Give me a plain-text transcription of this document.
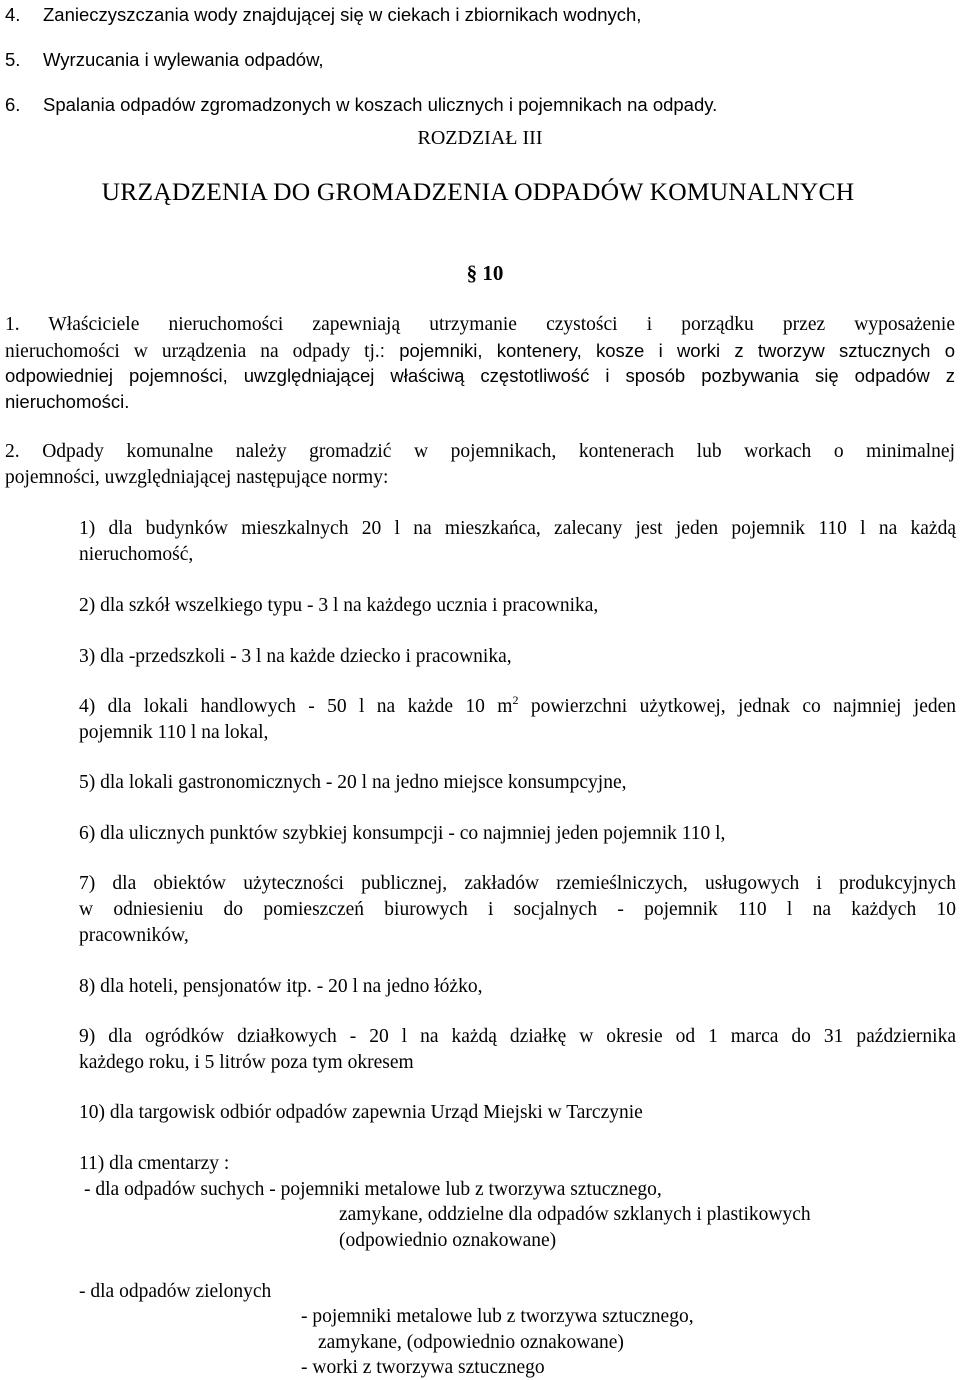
4. Zanieczyszczania wody znajdującej się w ciekach i zbiornikach wodnych,
5. Wyrzucania i wylewania odpadów,
6. Spalania odpadów zgromadzonych w koszach ulicznych i pojemnikach na odpady.
ROZDZIAŁ III
URZĄDZENIA DO GROMADZENIA ODPADÓW KOMUNALNYCH
§ 10
1. Właściciele nieruchomości zapewniają utrzymanie czystości i porządku przez wyposażenie
nieruchomości w urządzenia na odpady tj.: pojemniki, kontenery, kosze i worki z tworzyw sztucznych o
odpowiedniej pojemności, uwzględniającej właściwą częstotliwość i sposób pozbywania się odpadów z
nieruchomości.
2. Odpady komunalne należy gromadzić w pojemnikach, kontenerach lub workach o minimalnej
pojemności, uwzględniającej następujące normy:
1) dla budynków mieszkalnych 20 l na mieszkańca, zalecany jest jeden pojemnik 110 l na każdą
nieruchomość,
2) dla szkół wszelkiego typu - 3 l na każdego ucznia i pracownika,
3) dla -przedszkoli - 3 l na każde dziecko i pracownika,
4) dla lokali handlowych - 50 l na każde 10 $m^2$ powierzchni użytkowej, jednak co najmniej jeden
pojemnik 110 l na lokal,
5) dla lokali gastronomicznych - 20 l na jedno miejsce konsumpcyjne,
6) dla ulicznych punktów szybkiej konsumpcji - co najmniej jeden pojemnik 110 l,
7) dla obiektów użyteczności publicznej, zakładów rzemieślniczych, usługowych i produkcyjnych
w odniesieniu do pomieszczeń biurowych i socjalnych - pojemnik 110 l na każdych 10
pracowników,
8) dla hoteli, pensjonatów itp. - 20 l na jedno łóżko,
9) dla ogródków działkowych - 20 l na każdą działkę w okresie od 1 marca do 31 października
każdego roku, i 5 litrów poza tym okresem
10) dla targowisk odbiór odpadów zapewnia Urząd Miejski w Tarczynie
11) dla cmentarzy :
- dla odpadów suchych - pojemniki metalowe lub z tworzywa sztucznego,
zamykane, oddzielne dla odpadów szklanych i plastikowych
(odpowiednio oznakowane)
- dla odpadów zielonych
- pojemniki metalowe lub z tworzywa sztucznego,
zamykane, (odpowiednio oznakowane)
- worki z tworzywa sztucznego
